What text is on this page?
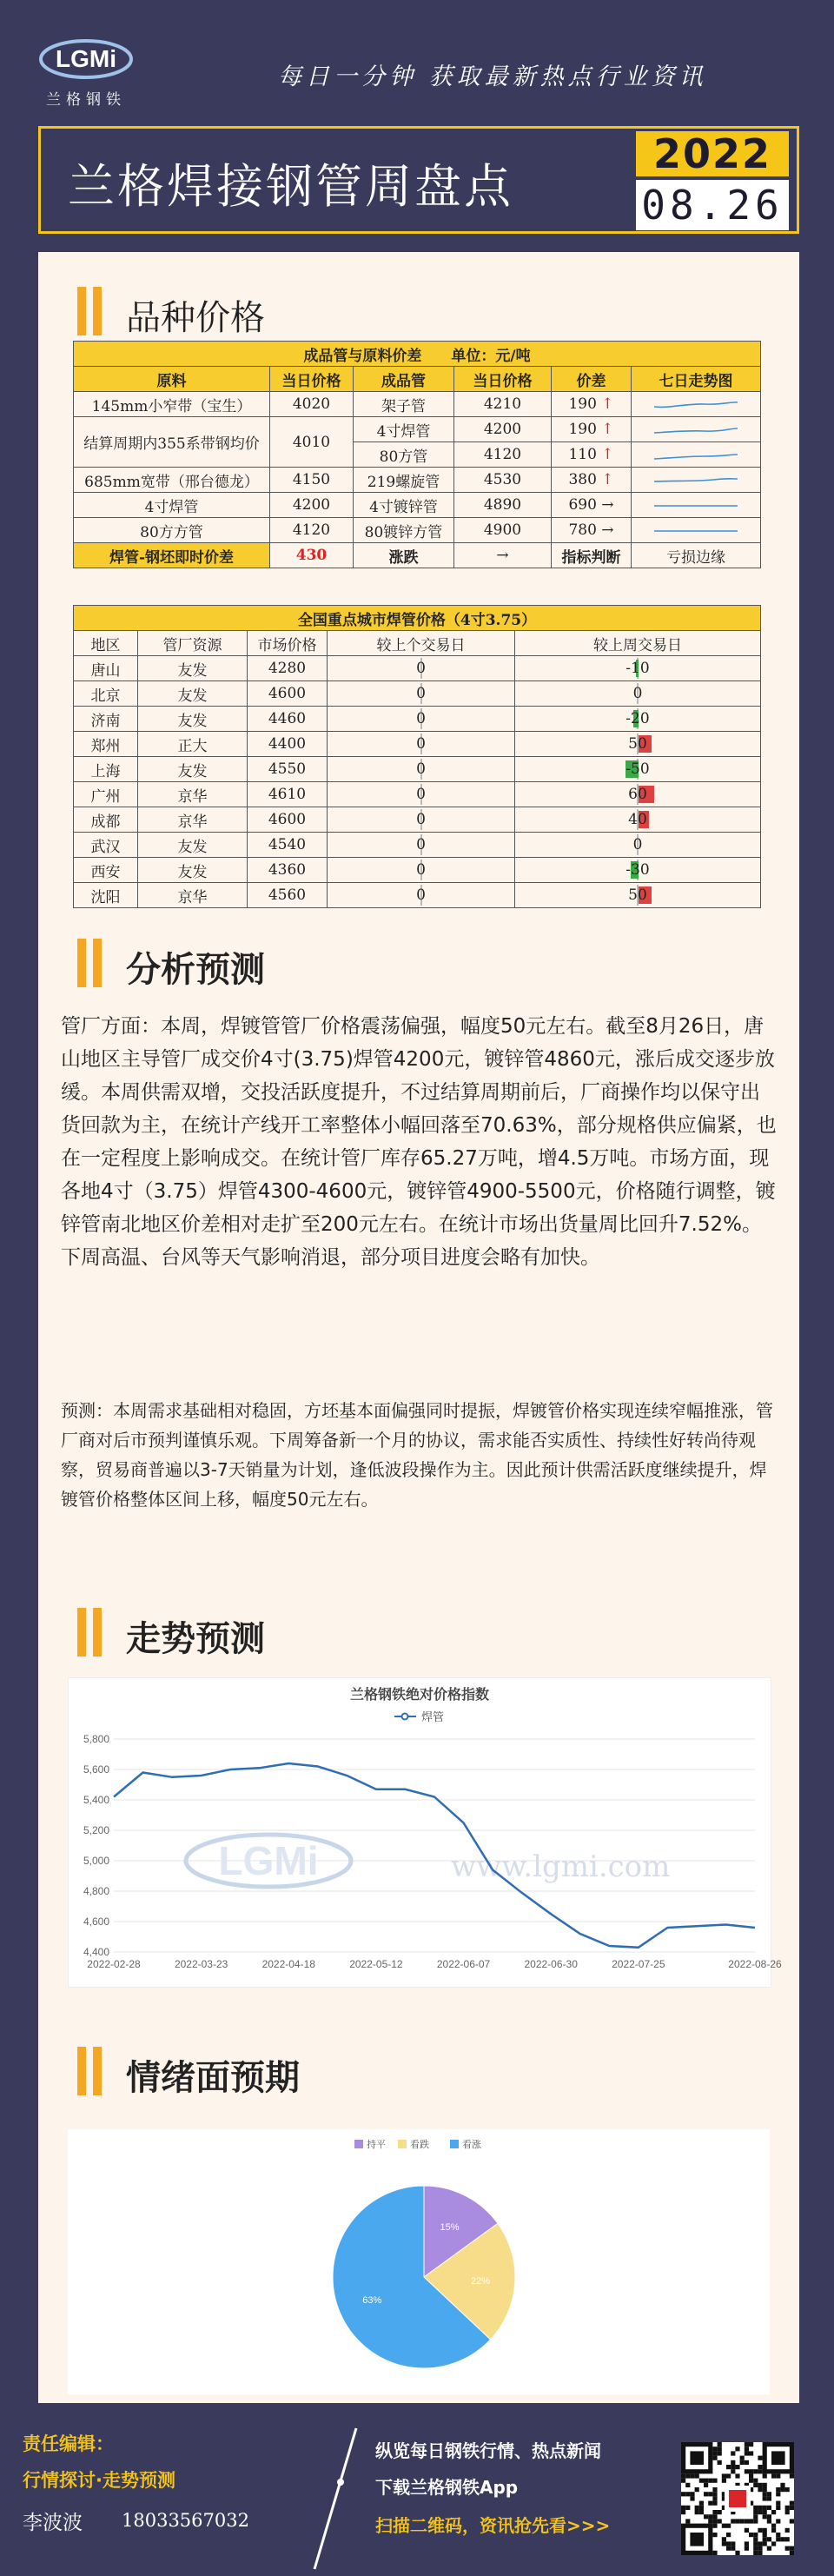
LGMi
兰格钢铁
每日一分钟 获取最新热点行业资讯
兰格焊接钢管周盘点
2022
08.26
品种价格
成品管与原料价差　　 单位：元/吨					
原料	当日价格	成品管	当日价格	价差	七日走势图
145mm小窄带（宝生）	4020	架子管	4210	190 ↑	

结算周期内355系带钢均价	4010	4寸焊管	4200	190 ↑	

		80方管	4120	110 ↑	

685mm宽带（邢台德龙）	4150	219螺旋管	4530	380 ↑	

4寸焊管	4200	4寸镀锌管	4890	690 →	

80方方管	4120	80镀锌方管	4900	780 →	

焊管-钢坯即时价差	430	涨跌	→	指标判断	亏损边缘
全国重点城市焊管价格（4寸3.75）				
地区	管厂资源	市场价格	较上个交易日	较上周交易日
唐山	友发	4280	0	-10
北京	友发	4600	0	0
济南	友发	4460	0	-20
郑州	正大	4400	0	50
上海	友发	4550	0	-50
广州	京华	4610	0	60
成都	京华	4600	0	40
武汉	友发	4540	0	0
西安	友发	4360	0	-30
沈阳	京华	4560	0	50
分析预测
管厂方面：本周，焊镀管管厂价格震荡偏强，幅度50元左右。截至8月26日，唐山地区主导管厂成交价4寸(3.75)焊管4200元，镀锌管4860元，涨后成交逐步放缓。本周供需双增，交投活跃度提升，不过结算周期前后，厂商操作均以保守出货回款为主，在统计产线开工率整体小幅回落至70.63%，部分规格供应偏紧，也在一定程度上影响成交。在统计管厂库存65.27万吨，增4.5万吨。市场方面，现各地4寸（3.75）焊管4300-4600元，镀锌管4900-5500元，价格随行调整，镀锌管南北地区价差相对走扩至200元左右。在统计市场出货量周比回升7.52%。下周高温、台风等天气影响消退，部分项目进度会略有加快。
预测：本周需求基础相对稳固，方坯基本面偏强同时提振，焊镀管价格实现连续窄幅推涨，管厂商对后市预判谨慎乐观。下周筹备新一个月的协议，需求能否实质性、持续性好转尚待观察，贸易商普遍以3-7天销量为计划，逢低波段操作为主。因此预计供需活跃度继续提升，焊镀管价格整体区间上移，幅度50元左右。
走势预测
兰格钢铁绝对价格指数
焊管
4,400
4,600
4,800
5,000
5,200
5,400
5,600
5,800
2022-02-28	2022-03-23	2022-04-18	2022-05-12	2022-06-07	2022-06-30	2022-07-25	2022-08-26
LGMi	www.lgmi.com
情绪面预期
持平	看跌	看涨
15%
22%
63%
责任编辑：
行情探讨·走势预测
李波波 18033567032
纵览每日钢铁行情、热点新闻
下载兰格钢铁App
扫描二维码，资讯抢先看>>>
